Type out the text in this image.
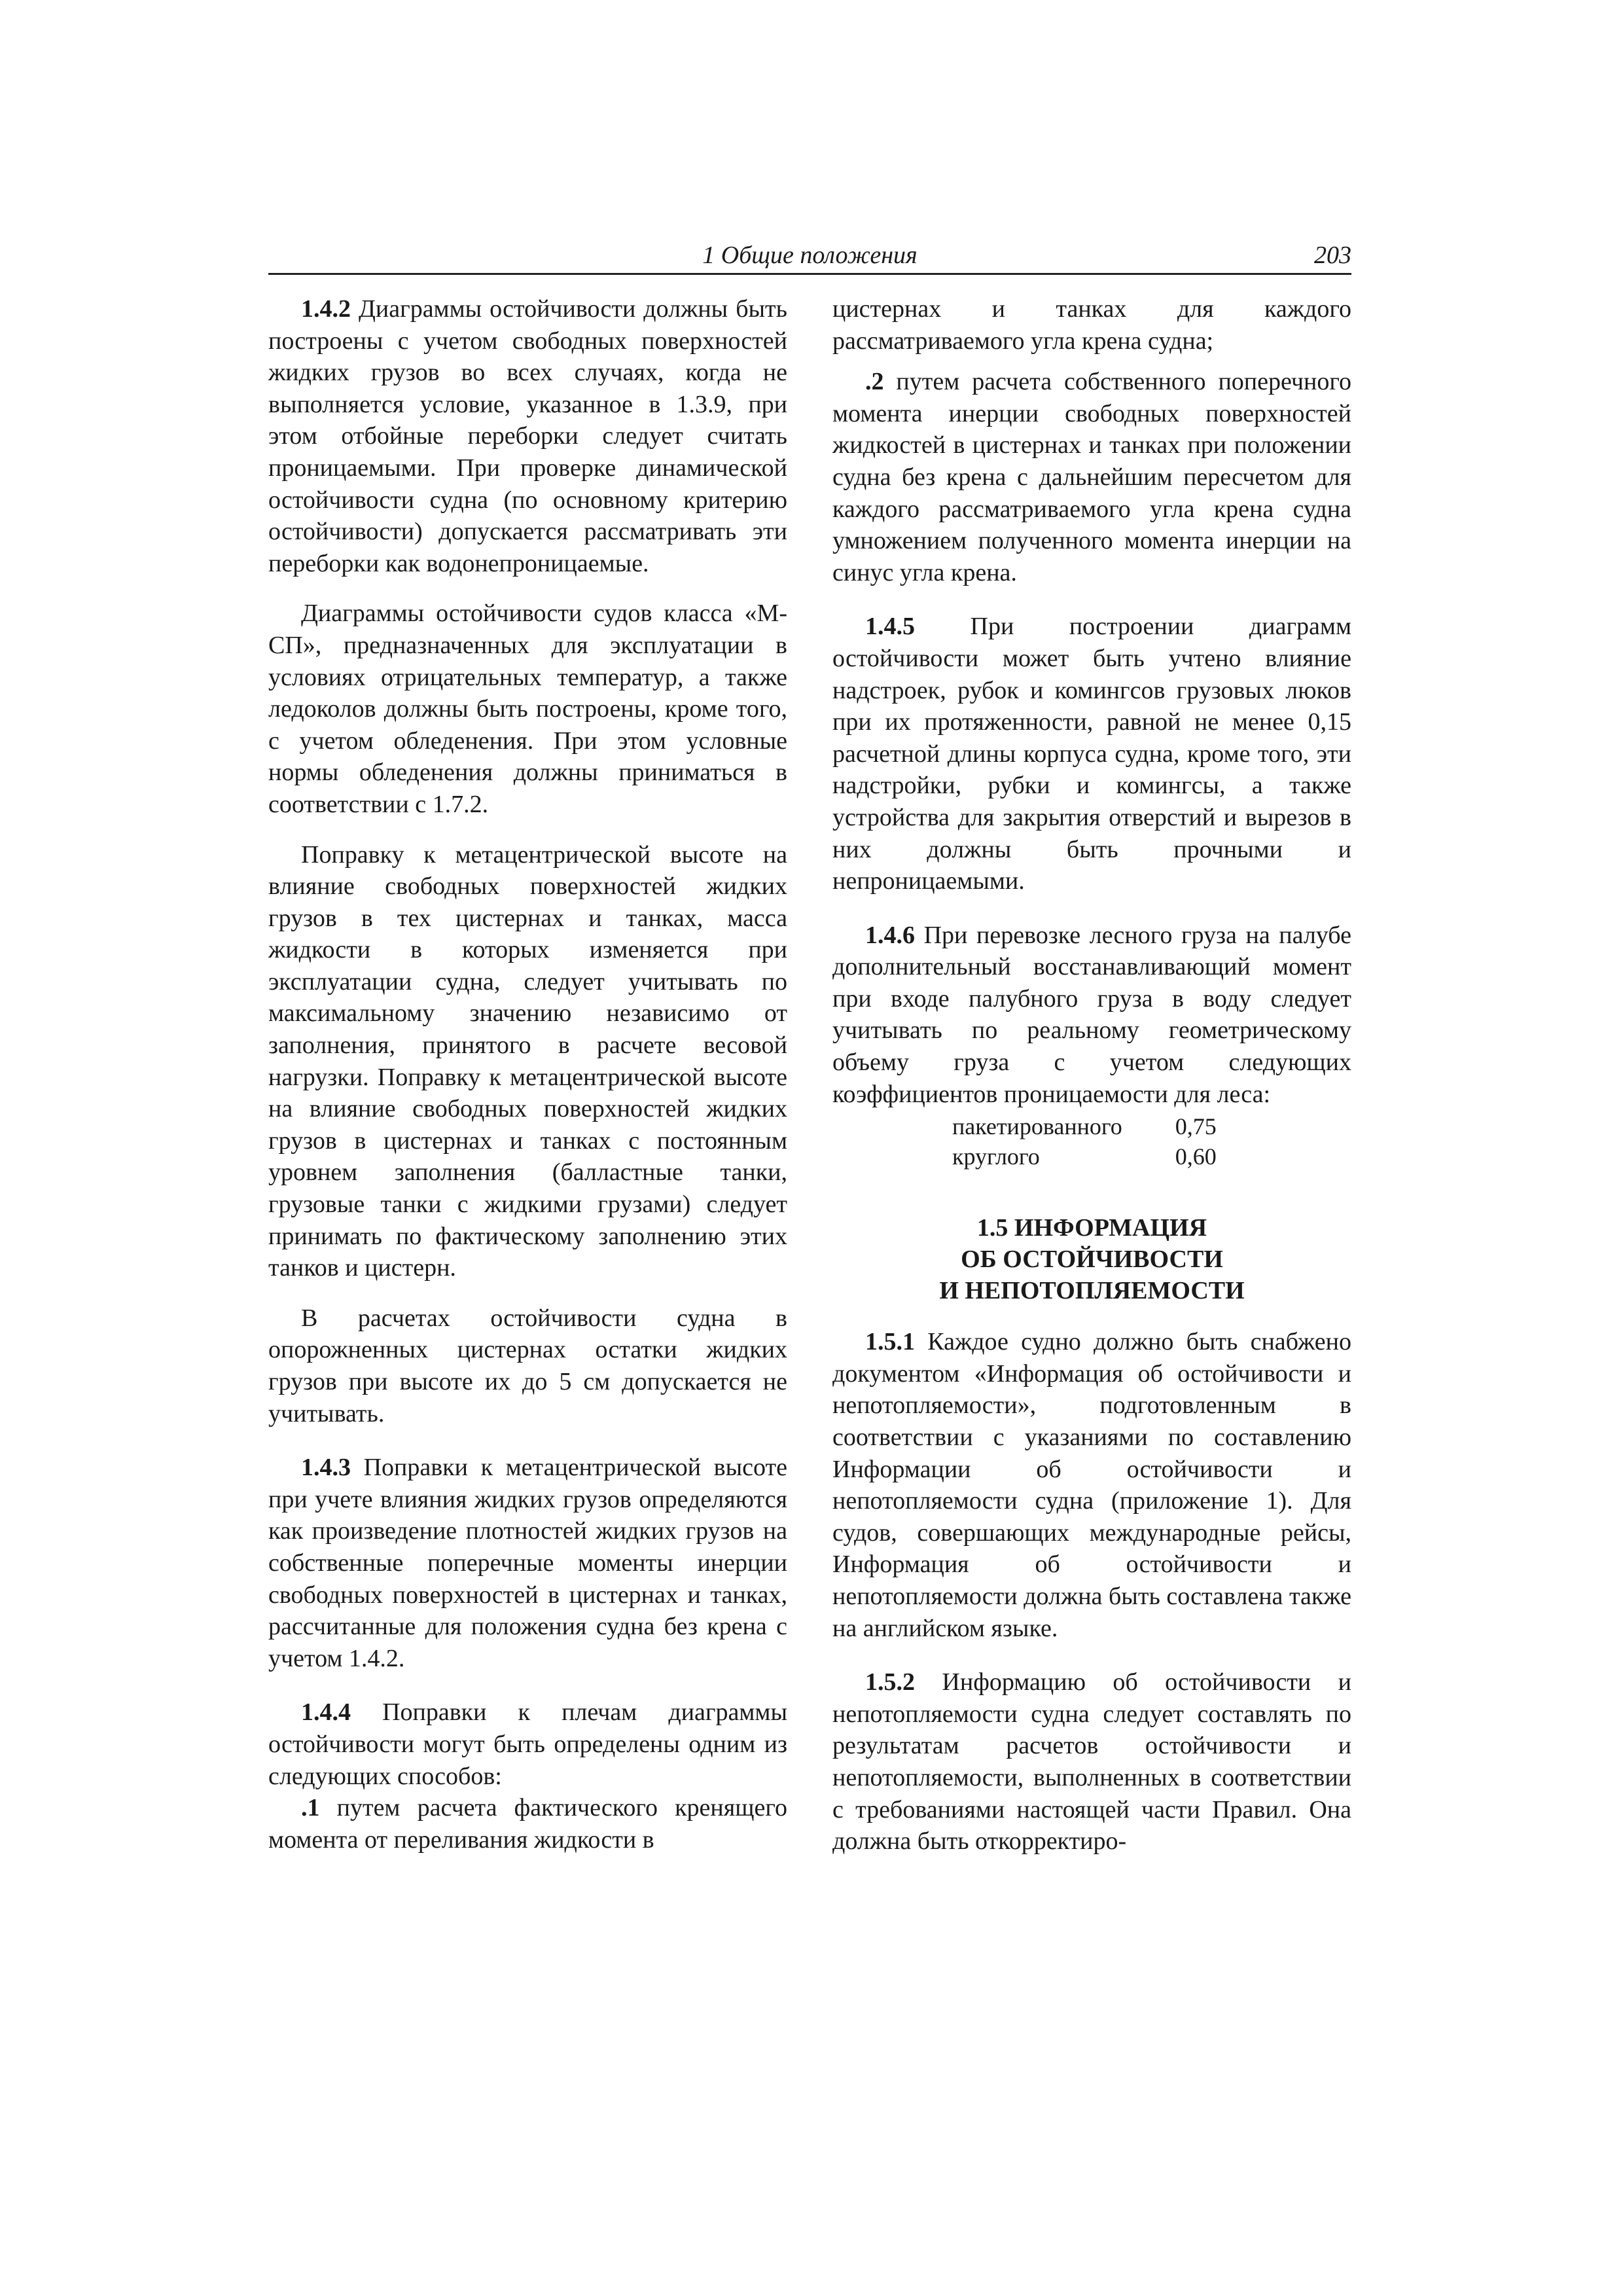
1 Общие положения	203

1.4.2 Диаграммы остойчивости должны быть построены с учетом свободных поверхностей жидких грузов во всех случаях, когда не выполняется условие, указанное в 1.3.9, при этом отбойные переборки следует считать проницаемыми. При проверке динамической остойчивости судна (по основному критерию остойчивости) допускается рассматривать эти переборки как водонепроницаемые.

Диаграммы остойчивости судов класса «М-СП», предназначенных для эксплуатации в условиях отрицательных температур, а также ледоколов должны быть построены, кроме того, с учетом обледенения. При этом условные нормы обледенения должны приниматься в соответствии с 1.7.2.

Поправку к метацентрической высоте на влияние свободных поверхностей жидких грузов в тех цистернах и танках, масса жидкости в которых изменяется при эксплуатации судна, следует учитывать по максимальному значению независимо от заполнения, принятого в расчете весовой нагрузки. Поправку к метацентрической высоте на влияние свободных поверхностей жидких грузов в цистернах и танках с постоянным уровнем заполнения (балластные танки, грузовые танки с жидкими грузами) следует принимать по фактическому заполнению этих танков и цистерн.

В расчетах остойчивости судна в опорожненных цистернах остатки жидких грузов при высоте их до 5 см допускается не учитывать.

1.4.3 Поправки к метацентрической высоте при учете влияния жидких грузов определяются как произведение плотностей жидких грузов на собственные поперечные моменты инерции свободных поверхностей в цистернах и танках, рассчитанные для положения судна без крена с учетом 1.4.2.

1.4.4 Поправки к плечам диаграммы остойчивости могут быть определены одним из следующих способов:

.1 путем расчета фактического кренящего момента от переливания жидкости в

цистернах и танках для каждого рассматриваемого угла крена судна;

.2 путем расчета собственного поперечного момента инерции свободных поверхностей жидкостей в цистернах и танках при положении судна без крена с дальнейшим пересчетом для каждого рассматриваемого угла крена судна умножением полученного момента инерции на синус угла крена.

1.4.5 При построении диаграмм остойчивости может быть учтено влияние надстроек, рубок и комингсов грузовых люков при их протяженности, равной не менее 0,15 расчетной длины корпуса судна, кроме того, эти надстройки, рубки и комингсы, а также устройства для закрытия отверстий и вырезов в них должны быть прочными и непроницаемыми.

1.4.6 При перевозке лесного груза на палубе дополнительный восстанавливающий момент при входе палубного груза в воду следует учитывать по реальному геометрическому объему груза с учетом следующих коэффициентов проницаемости для леса:

пакетированного	0,75
круглого	0,60
1.5 ИНФОРМАЦИЯ
ОБ ОСТОЙЧИВОСТИ
И НЕПОТОПЛЯЕМОСТИ

1.5.1 Каждое судно должно быть снабжено документом «Информация об остойчивости и непотопляемости», подготовленным в соответствии с указаниями по составлению Информации об остойчивости и непотопляемости судна (приложение 1). Для судов, совершающих международные рейсы, Информация об остойчивости и непотопляемости должна быть составлена также на английском языке.

1.5.2 Информацию об остойчивости и непотопляемости судна следует составлять по результатам расчетов остойчивости и непотопляемости, выполненных в соответствии с требованиями настоящей части Правил. Она должна быть откорректиро-
